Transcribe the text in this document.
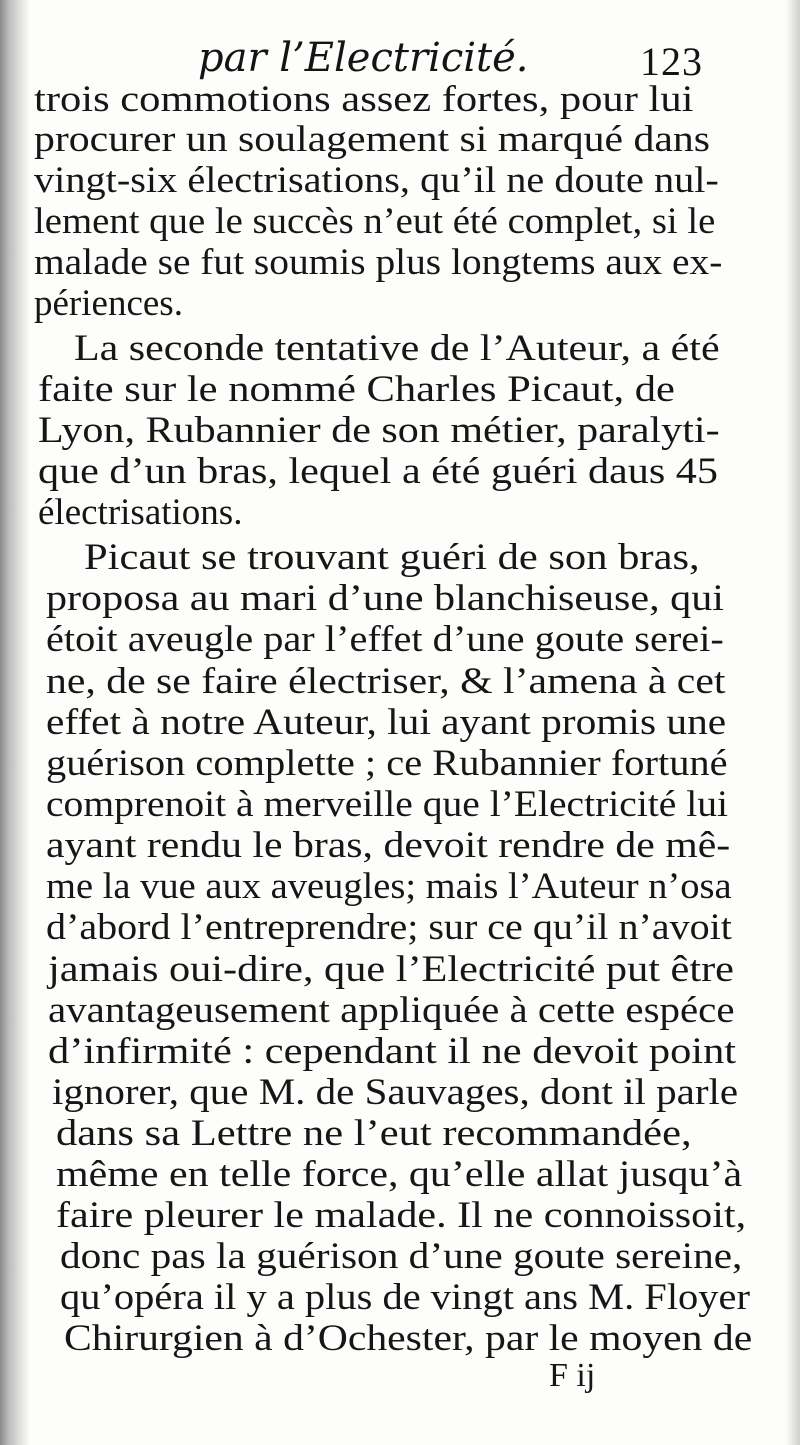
par l’Electricité.	123
trois commotions assez fortes, pour lui
procurer un soulagement si marqué dans
vingt-six électrisations, qu’il ne doute nul-
lement que le succès n’eut été complet, si le
malade se fut soumis plus longtems aux ex-
périences.
La seconde tentative de l’Auteur, a été
faite sur le nommé Charles Picaut, de
Lyon, Rubannier de son métier, paralyti-
que d’un bras, lequel a été guéri daus 45
électrisations.
Picaut se trouvant guéri de son bras,
proposa au mari d’une blanchiseuse, qui
étoit aveugle par l’effet d’une goute serei-
ne, de se faire électriser, & l’amena à cet
effet à notre Auteur, lui ayant promis une
guérison complette ; ce Rubannier fortuné
comprenoit à merveille que l’Electricité lui
ayant rendu le bras, devoit rendre de mê-
me la vue aux aveugles; mais l’Auteur n’osa
d’abord l’entreprendre; sur ce qu’il n’avoit
jamais oui-dire, que l’Electricité put être
avantageusement appliquée à cette espéce
d’infirmité : cependant il ne devoit point
ignorer, que M. de Sauvages, dont il parle
dans sa Lettre ne l’eut recommandée,
même en telle force, qu’elle allat jusqu’à
faire pleurer le malade. Il ne connoissoit,
donc pas la guérison d’une goute sereine,
qu’opéra il y a plus de vingt ans M. Floyer
Chirurgien à d’Ochester, par le moyen de
F ij
